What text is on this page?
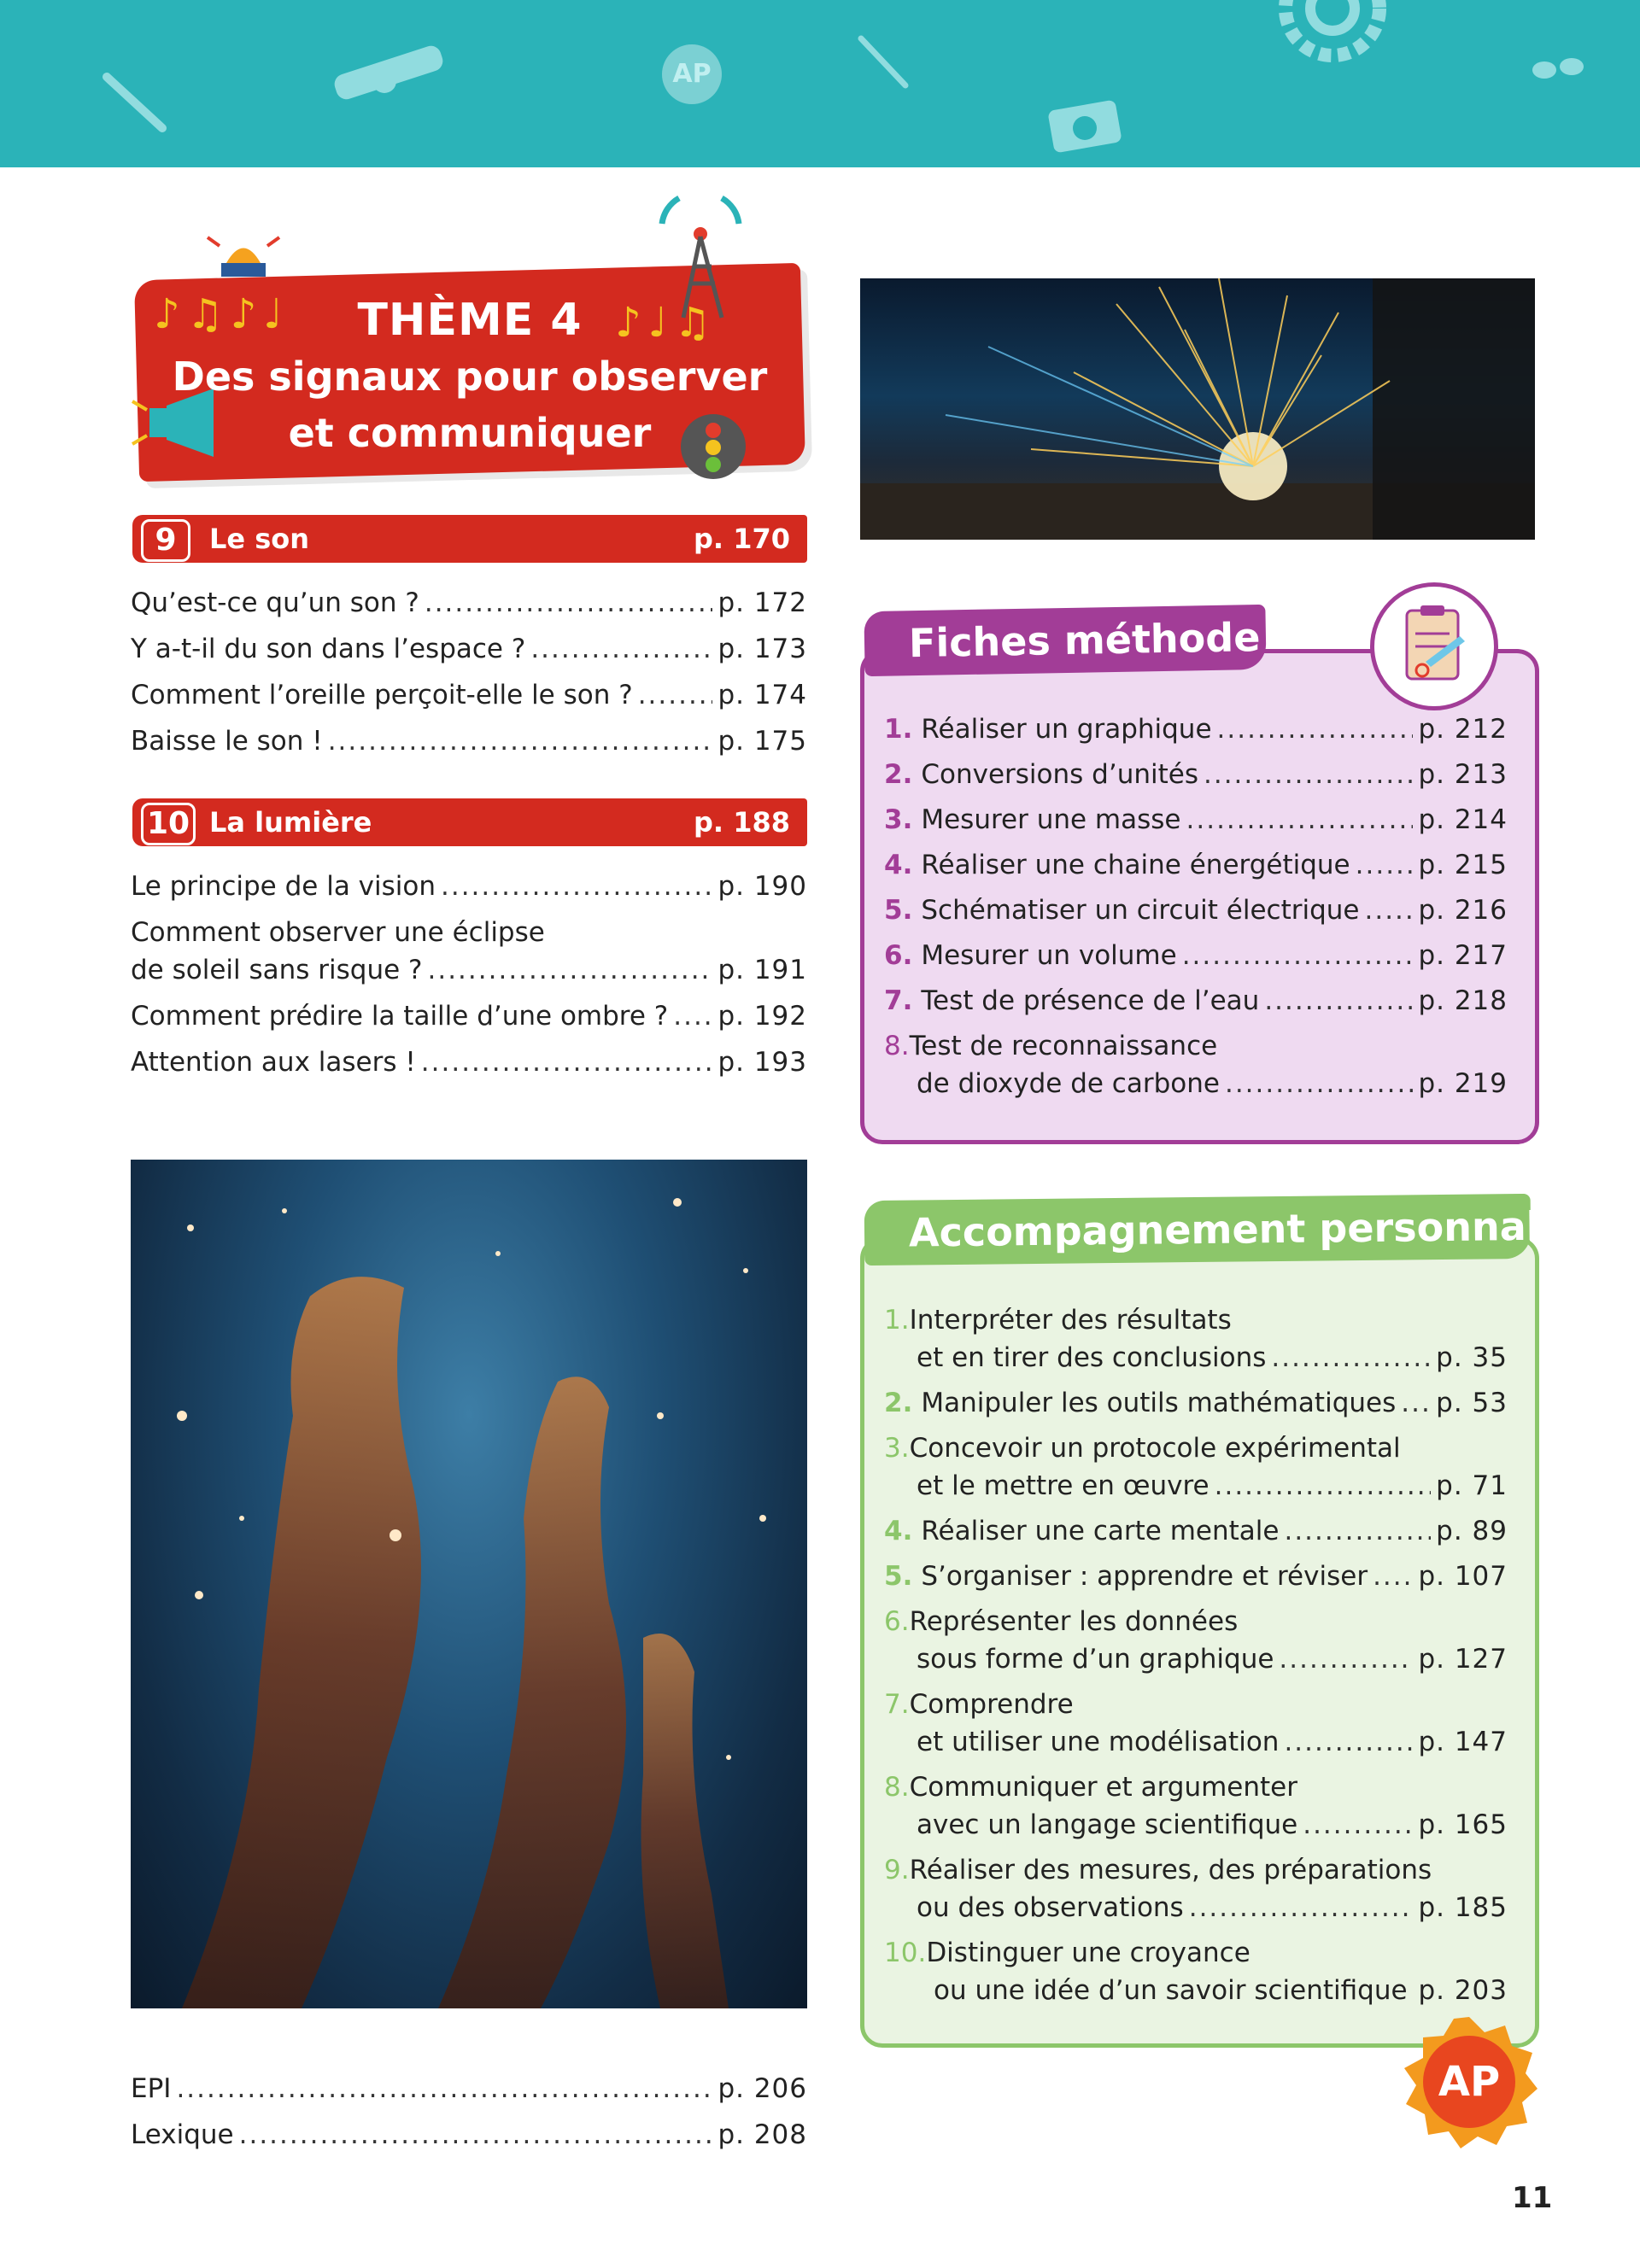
AP
♪♫♪♩	♪♩♫
THÈME 4
Des signaux pour observer
et communiquer
9	Le son	p. 170
Qu’est-ce qu’un son ? .....	p. 172
Y a-t-il du son dans l’espace ? .....	p. 173
Comment l’oreille perçoit-elle le son ? .....	p. 174
Baisse le son ! .....	p. 175
10 La lumière	p. 188
Le principe de la vision .....	p. 190
Comment observer une éclipse
de soleil sans risque ? .....	p. 191
Comment prédire la taille d’une ombre ? ..... p. 192
Attention aux lasers ! .....	p. 193
Fiches méthode
1. Réaliser un graphique .....	p. 212
2. Conversions d’unités .....	p. 213
3. Mesurer une masse .....	p. 214
4. Réaliser une chaine énergétique .....	p. 215
5. Schématiser un circuit électrique ..... p. 216
6. Mesurer un volume .....	p. 217
7. Test de présence de l’eau .....	p. 218
8. Test de reconnaissance
de dioxyde de carbone .....	p. 219
Accompagnement personnalisé
1. Interpréter des résultats
et en tirer des conclusions .....	p. 35
2. Manipuler les outils mathématiques ..... p. 53
3. Concevoir un protocole expérimental
et le mettre en œuvre .....	p. 71
4. Réaliser une carte mentale .....	p. 89
5. S’organiser : apprendre et réviser ..... p. 107
6. Représenter les données
sous forme d’un graphique .....	p. 127
7. Comprendre
et utiliser une modélisation .....	p. 147
8. Communiquer et argumenter
avec un langage scientifique .....	p. 165
9. Réaliser des mesures, des préparations
ou des observations .....	p. 185
10. Distinguer une croyance
ou une idée d’un savoir scientifique ..... p. 203
AP
EPI .....	p. 206
Lexique .....	p. 208
11
